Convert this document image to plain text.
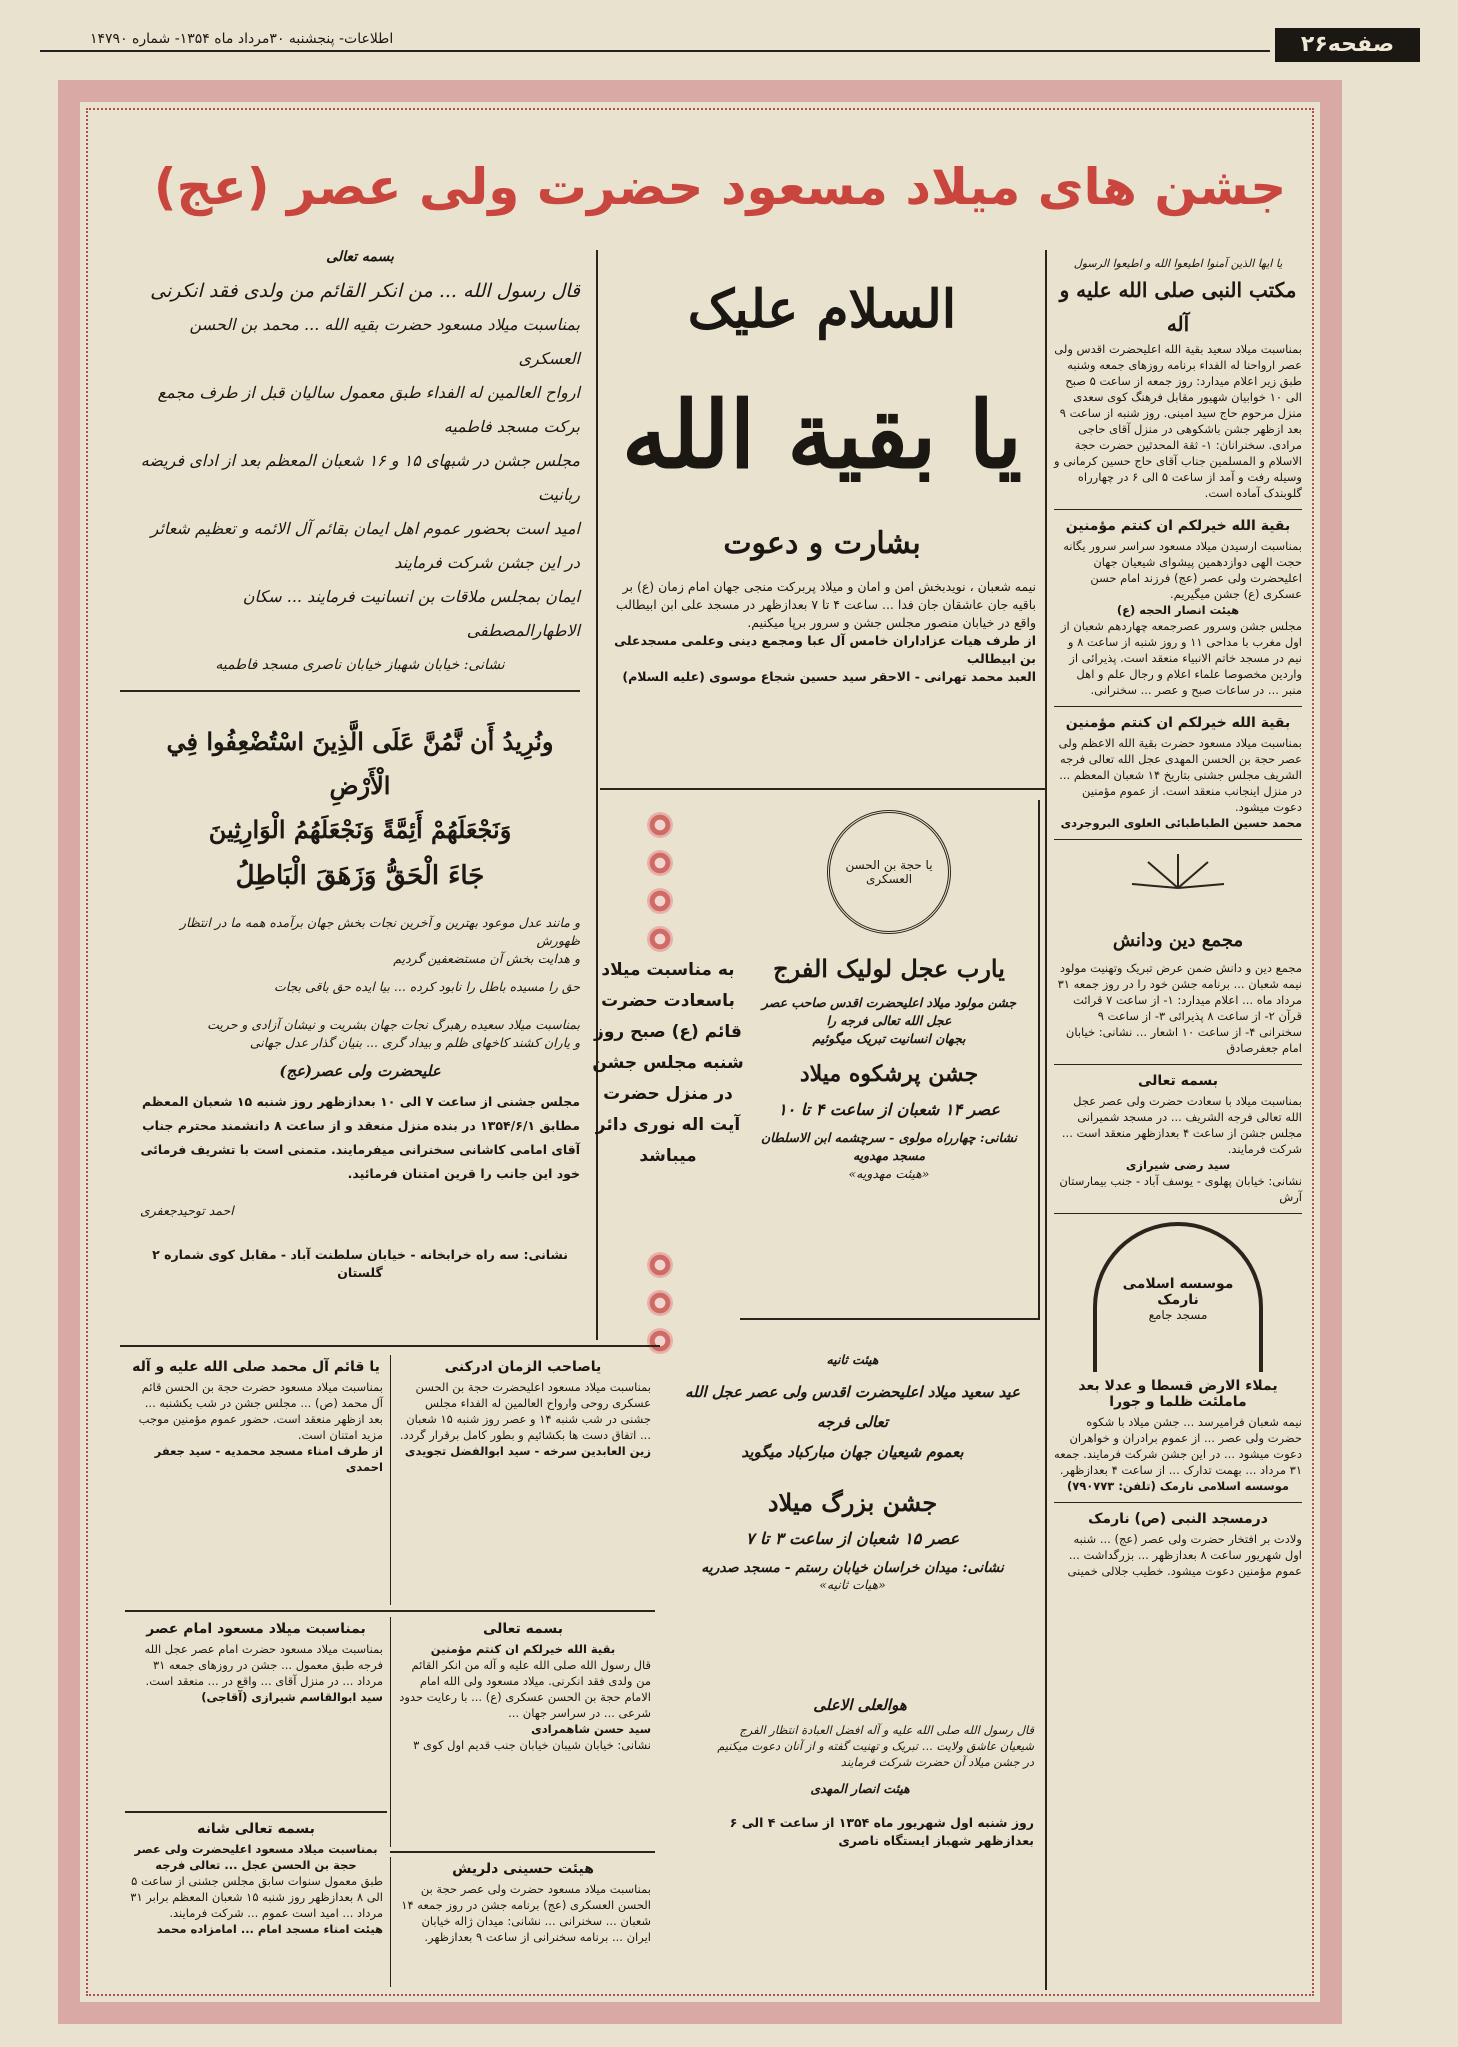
اطلاعات- پنجشنبه ۳۰مرداد ماه ۱۳۵۴- شماره ۱۴۷۹۰	صفحه۲۶
جشن های میلاد مسعود حضرت ولی عصر (عج)
بسمه تعالی
قال رسول الله ... من انکر القائم من ولدی فقد انکرنی
بمناسبت میلاد مسعود حضرت بقیه الله ... محمد بن الحسن العسکری
ارواح العالمین له الفداء طبق معمول سالیان قبل از طرف مجمع برکت مسجد فاطمیه
مجلس جشن در شبهای ۱۵ و ۱۶ شعبان المعظم بعد از ادای فریضه ربانیت
امید است بحضور عموم اهل ایمان بقائم آل الائمه و تعظیم شعائر در این جشن شرکت فرمایند
ایمان بمجلس ملاقات بن انسانیت فرمایند ... سکان الاطهارالمصطفی
نشانی: خیابان شهباز خیابان ناصری مسجد فاطمیه
ونُرِیدُ أَن نَّمُنَّ عَلَی الَّذِینَ اسْتُضْعِفُوا فِي الْأَرْضِ
وَنَجْعَلَهُمْ أَئِمَّةً وَنَجْعَلَهُمُ الْوَارِثِينَ
جَاءَ الْحَقُّ وَزَهَقَ الْبَاطِلُ
و مانند عدل موعود بهترین و آخرین نجات بخش جهان برآمده همه ما در انتظار ظهورش
و هدایت بخش آن مستضعفین گردیم
حق را مسیده باطل را نابود کرده ... بیا ایده حق باقی بجات
بمناسبت میلاد سعیده رهبرگ نجات جهان بشریت و نیشان آزادی و حریت
و یاران کشند کاخهای ظلم و بیداد گری ... بنیان گذار عدل جهانی
علیحضرت ولی عصر(عج)
مجلس جشنی از ساعت ۷ الی ۱۰ بعدازظهر روز شنبه ۱۵ شعبان المعظم مطابق ۱۳۵۴/۶/۱ در بنده منزل منعقد و از ساعت ۸ دانشمند محترم جناب آقای امامی کاشانی سخنرانی میفرمایند. متمنی است با تشریف فرمائی خود این جانب را قرین امتنان فرمائید.
احمد توحیدجعفری
نشانی: سه راه خرابخانه - خیابان سلطنت آباد - مقابل کوی شماره ۲ گلستان
السلام علیک
یا بقیة الله
بشارت و دعوت
نیمه شعبان ، نویدبخش امن و امان و میلاد پربرکت منجی جهان امام زمان (ع) بر باقیه جان عاشقان جان فدا ... ساعت ۴ تا ۷ بعدازظهر در مسجد علی ابن ابیطالب واقع در خیابان منصور مجلس جشن و سرور برپا میکنیم.
از طرف هیات عزاداران خامس آل عبا ومجمع دینی وعلمی مسجدعلی بن ابیطالب
العبد محمد تهرانی - الاحقر سید حسین شجاع موسوی (علیه السلام)
به مناسبت میلاد باسعادت حضرت قائم (ع) صبح روز شنبه مجلس جشن در منزل حضرت آیت اله نوری دائر میباشد
یا حجة بن الحسن العسکری
یارب عجل لولیک الفرج
جشن مولود میلاد اعلیحضرت اقدس صاحب عصر عجل الله تعالی فرجه را
بجهان انسانیت تبریک میگوئیم
جشن پرشکوه میلاد
عصر ۱۴ شعبان از ساعت ۴ تا ۱۰
نشانی: چهارراه مولوی - سرچشمه ابن الاسلطان مسجد مهدویه
«هیئت مهدویه»
هیئت ثانیه
عید سعید میلاد اعلیحضرت اقدس ولی عصر عجل الله تعالی فرجه
بعموم شیعیان جهان مبارکباد میگوید
جشن بزرگ میلاد
عصر ۱۵ شعبان از ساعت ۳ تا ۷
نشانی: میدان خراسان خیابان رستم - مسجد صدریه
«هیات ثانیه»
هوالعلی الاعلی
قال رسول الله صلی الله علیه و آله افضل العبادة انتظار الفرج
شیعیان عاشق ولایت ... تبریک و تهنیت گفته و از آنان دعوت میکنیم
در جشن میلاد آن حضرت شرکت فرمایند
هیئت انصار المهدی
روز شنبه اول شهریور ماه ۱۳۵۴ از ساعت ۴ الی ۶ بعدازظهر شهباز ایستگاه ناصری
یا ایها الذین آمنوا اطیعوا الله و اطیعوا الرسول
مکتب النبی صلی الله علیه و آله
بمناسبت میلاد سعید بقیة الله اعلیحضرت اقدس ولی عصر ارواحنا له الفداء برنامه روزهای جمعه وشنبه طبق زیر اعلام میدارد: روز جمعه از ساعت ۵ صبح الی ۱۰ خوابیان شهیور مقابل فرهنگ کوی سعدی منزل مرحوم حاج سید امینی. روز شنبه از ساعت ۹ بعد ازظهر جشن باشکوهی در منزل آقای حاجی مرادی. سخنرانان: ۱- ثقة المحدثین حضرت حجة الاسلام و المسلمین جناب آقای حاج حسین کرمانی و وسیله رفت و آمد از ساعت ۵ الی ۶ در چهارراه گلوبندک آماده است.
بقیة الله خیرلکم ان کنتم مؤمنین
بمناسبت ارسیدن میلاد مسعود سراسر سرور یگانه حجت الهی دوازدهمین پیشوای شیعیان جهان اعلیحضرت ولی عصر (عج) فرزند امام حسن عسکری (ع) جشن میگیریم.
هیئت انصار الحجه (ع)
مجلس جشن وسرور عصرجمعه چهاردهم شعبان از اول مغرب با مداحی ۱۱ و روز شنبه از ساعت ۸ و نیم در مسجد خاتم الانبیاء منعقد است. پذیرائی از واردین مخصوصا علماء اعلام و رجال علم و اهل منبر ... در ساعات صبح و عصر ... سخنرانی.
بقیة الله خیرلکم ان کنتم مؤمنین
بمناسبت میلاد مسعود حضرت بقیة الله الاعظم ولی عصر حجة بن الحسن المهدی عجل الله تعالی فرجه الشریف مجلس جشنی بتاریخ ۱۴ شعبان المعظم ... در منزل اینجانب منعقد است. از عموم مؤمنین دعوت میشود.
محمد حسین الطباطبائی العلوی البروجردی
مجمع دین ودانش
مجمع دین و دانش ضمن عرض تبریک وتهنیت مولود نیمه شعبان ... برنامه جشن خود را در روز جمعه ۳۱ مرداد ماه ... اعلام میدارد: ۱- از ساعت ۷ قرائت قرآن ۲- از ساعت ۸ پذیرائی ۳- از ساعت ۹ سخنرانی ۴- از ساعت ۱۰ اشعار ... نشانی: خیابان امام جعفرصادق
بسمه تعالی
بمناسبت میلاد با سعادت حضرت ولی عصر عجل الله تعالی فرجه الشریف ... در مسجد شمیرانی مجلس جشن از ساعت ۴ بعدازظهر منعقد است ... شرکت فرمایند.
سید رضی شیرازی
نشانی: خیابان پهلوی - یوسف آباد - جنب بیمارستان آرش
موسسه اسلامی نارمک
مسجد جامع
یملاء الارض قسطا و عدلا بعد ماملئت ظلما و جورا
نیمه شعبان فرامیرسد ... جشن میلاد با شکوه حضرت ولی عصر ... از عموم برادران و خواهران دعوت میشود ... در این جشن شرکت فرمایند. جمعه ۳۱ مرداد ... بهمت تدارک ... از ساعت ۴ بعدازظهر.
موسسه اسلامی نارمک (تلفن: ۷۹۰۷۷۳)
درمسجد النبی (ص) نارمک
ولادت بر افتخار حضرت ولی عصر (عج) ... شنبه اول شهریور ساعت ۸ بعدازظهر ... بزرگداشت ... عموم مؤمنین دعوت میشود. خطیب جلالی خمینی
یاصاحب الزمان ادرکنی
بمناسبت میلاد مسعود اعلیحضرت حجة بن الحسن عسکری روحی وارواح العالمین له الفداء مجلس جشنی در شب شنبه ۱۴ و عصر روز شنبه ۱۵ شعبان ... اتفاق دست ها بکشائیم و بطور کامل برقرار گردد.
زین العابدین سرخه - سید ابوالفضل تجویدی
یا قائم آل محمد صلی الله علیه و آله
بمناسبت میلاد مسعود حضرت حجة بن الحسن قائم آل محمد (ص) ... مجلس جشن در شب یکشنبه ... بعد ازظهر منعقد است. حضور عموم مؤمنین موجب مزید امتنان است.
از طرف امناء مسجد محمدیه - سید جعفر احمدی
بسمه تعالی
بقیة الله خیرلکم ان کنتم مؤمنین
قال رسول الله صلی الله علیه و آله من انکر القائم من ولدی فقد انکرنی. میلاد مسعود ولی الله امام الامام حجة بن الحسن عسکری (ع) ... با رعایت حدود شرعی ... در سراسر جهان ...
سید حسن شاهمرادی
نشانی: خیابان شیبان خیابان جنب قدیم اول کوی ۳
بمناسبت میلاد مسعود امام عصر
بمناسبت میلاد مسعود حضرت امام عصر عجل الله فرجه طبق معمول ... جشن در روزهای جمعه ۳۱ مرداد ... در منزل آقای ... واقع در ... منعقد است.
سید ابوالقاسم شیرازی (آقاجی)
بسمه تعالی شانه
بمناسبت میلاد مسعود اعلیحضرت ولی عصر حجة بن الحسن عجل ... تعالی فرجه
طبق معمول سنوات سابق مجلس جشنی از ساعت ۵ الی ۸ بعدازظهر روز شنبه ۱۵ شعبان المعظم برابر ۳۱ مرداد ... امید است عموم ... شرکت فرمایند.
هیئت امناء مسجد امام ... امامزاده محمد
هیئت حسینی دلریش
بمناسبت میلاد مسعود حضرت ولی عصر حجة بن الحسن العسکری (عج) برنامه جشن در روز جمعه ۱۴ شعبان ... سخنرانی ... نشانی: میدان ژاله خیابان ایران ... برنامه سخنرانی از ساعت ۹ بعدازظهر.
